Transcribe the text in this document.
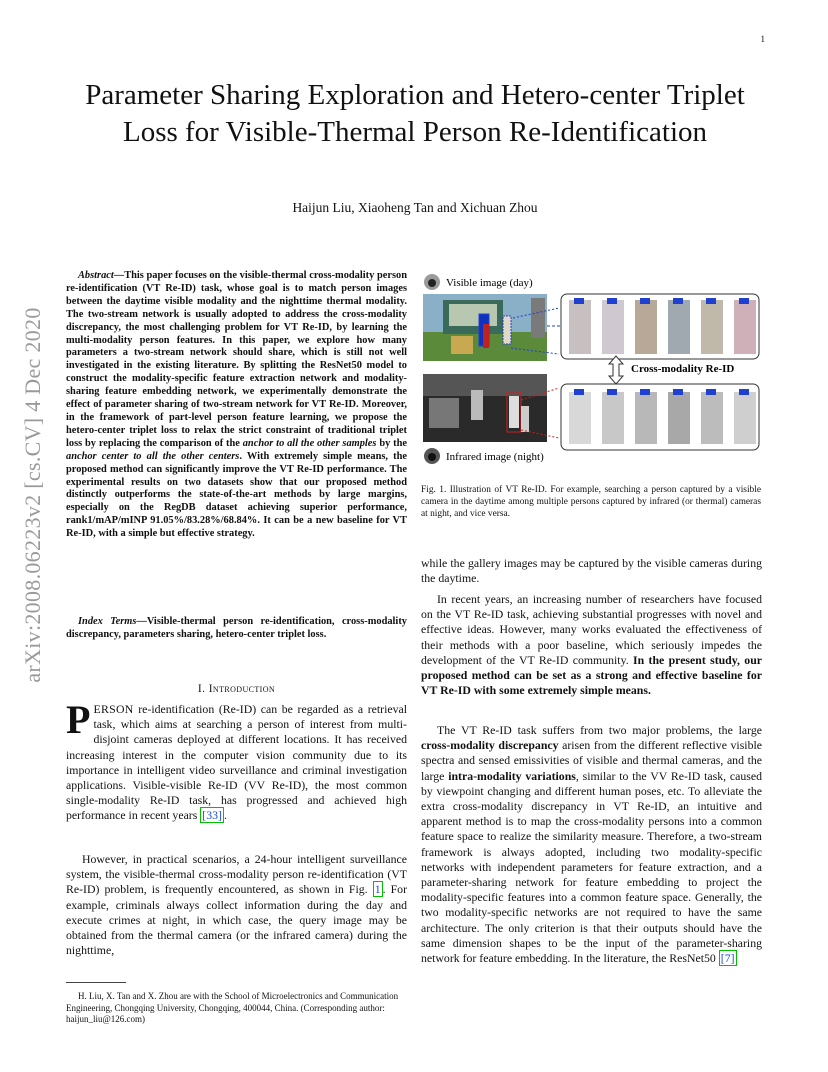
1
Parameter Sharing Exploration and Hetero-center Triplet Loss for Visible-Thermal Person Re-Identification
Haijun Liu, Xiaoheng Tan and Xichuan Zhou
arXiv:2008.06223v2 [cs.CV] 4 Dec 2020

Abstract—This paper focuses on the visible-thermal cross-modality person re-identification (VT Re-ID) task, whose goal is to match person images between the daytime visible modality and the nighttime thermal modality. The two-stream network is usually adopted to address the cross-modality discrepancy, the most challenging problem for VT Re-ID, by learning the multi-modality person features. In this paper, we explore how many parameters a two-stream network should share, which is still not well investigated in the existing literature. By splitting the ResNet50 model to construct the modality-specific feature extraction network and modality-sharing feature embedding network, we experimentally demonstrate the effect of parameter sharing of two-stream network for VT Re-ID. Moreover, in the framework of part-level person feature learning, we propose the hetero-center triplet loss to relax the strict constraint of traditional triplet loss by replacing the comparison of the anchor to all the other samples by the anchor center to all the other centers. With extremely simple means, the proposed method can significantly improve the VT Re-ID performance. The experimental results on two datasets show that our proposed method distinctly outperforms the state-of-the-art methods by large margins, especially on the RegDB dataset achieving superior performance, rank1/mAP/mINP 91.05%/83.28%/68.84%. It can be a new baseline for VT Re-ID, with a simple but effective strategy.

Index Terms—Visible-thermal person re-identification, cross-modality discrepancy, parameters sharing, hetero-center triplet loss.
I. Introduction
PERSON re-identification (Re-ID) can be regarded as a retrieval task, which aims at searching a person of interest from multi-disjoint cameras deployed at different locations. It has received increasing interest in the computer vision community due to its importance in intelligent video surveillance and criminal investigation applications. Visible-visible Re-ID (VV Re-ID), the most common single-modality Re-ID task, has progressed and achieved high performance in recent years [33] .
However, in practical scenarios, a 24-hour intelligent surveillance system, the visible-thermal cross-modality person re-identification (VT Re-ID) problem, is frequently encountered, as shown in Fig. 1 . For example, criminals always collect information during the day and execute crimes at night, in which case, the query image may be obtained from the thermal camera (or the infrared camera) during the nighttime,
H. Liu, X. Tan and X. Zhou are with the School of Microelectronics and Communication Engineering, Chongqing University, Chongqing, 400044, China. (Corresponding author: haijun_liu@126.com)
Visible image (day)
Cross-modality Re-ID
Infrared image (night)
Fig. 1. Illustration of VT Re-ID. For example, searching a person captured by a visible camera in the daytime among multiple persons captured by infrared (or thermal) cameras at night, and vice versa.
while the gallery images may be captured by the visible cameras during the daytime.
In recent years, an increasing number of researchers have focused on the VT Re-ID task, achieving substantial progresses with novel and effective ideas. However, many works evaluated the effectiveness of their methods with a poor baseline, which seriously impedes the development of the VT Re-ID community. In the present study, our proposed method can be set as a strong and effective baseline for VT Re-ID with some extremely simple means.
The VT Re-ID task suffers from two major problems, the large cross-modality discrepancy arisen from the different reflective visible spectra and sensed emissivities of visible and thermal cameras, and the large intra-modality variations, similar to the VV Re-ID task, caused by viewpoint changing and different human poses, etc. To alleviate the extra cross-modality discrepancy in VT Re-ID, an intuitive and apparent method is to map the cross-modality persons into a common feature space to realize the similarity measure. Therefore, a two-stream framework is always adopted, including two modality-specific networks with independent parameters for feature extraction, and a parameter-sharing network for feature embedding to project the modality-specific features into a common feature space. Generally, the two modality-specific networks are not required to have the same architecture. The only criterion is that their outputs should have the same dimension shapes to be the input of the parameter-sharing network for feature embedding. In the literature, the ResNet50 [7]
